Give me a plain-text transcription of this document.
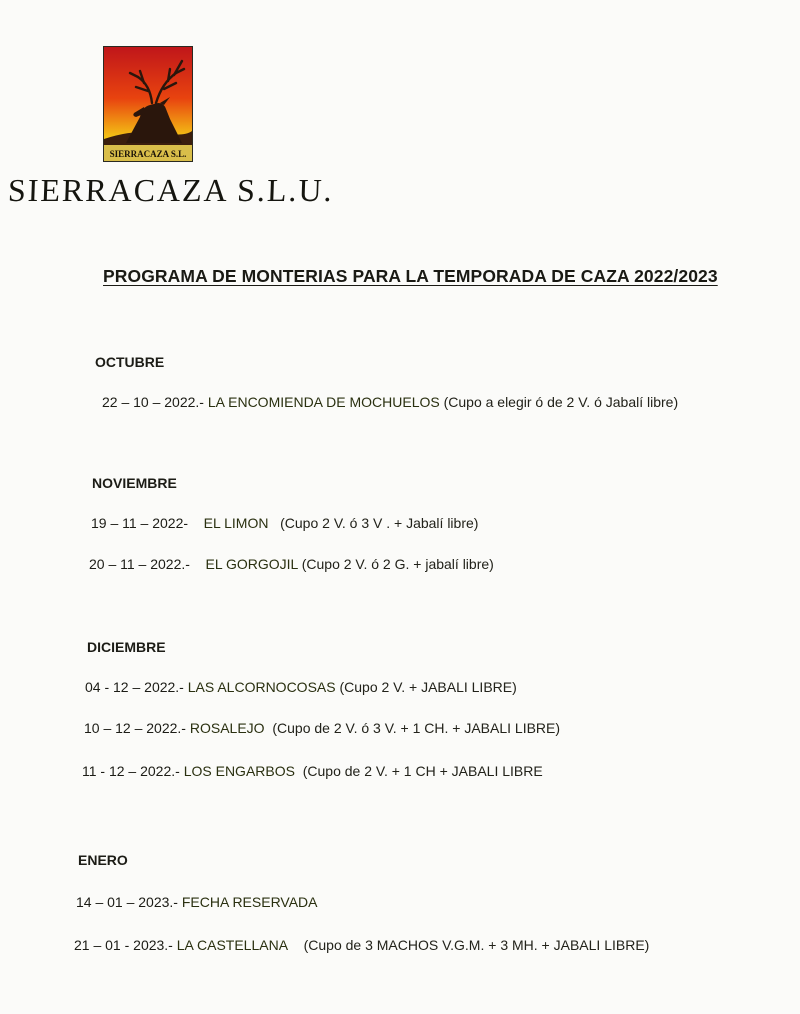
SIERRACAZA S.L.
SIERRACAZA S.L.U.
PROGRAMA DE MONTERIAS PARA LA TEMPORADA DE CAZA 2022/2023
OCTUBRE
22 – 10 – 2022.- LA ENCOMIENDA DE MOCHUELOS (Cupo a elegir ó de 2 V. ó Jabalí libre)
NOVIEMBRE
19 – 11 – 2022- EL LIMON (Cupo 2 V. ó 3 V . + Jabalí libre)
20 – 11 – 2022.- EL GORGOJIL (Cupo 2 V. ó 2 G. + jabalí libre)
DICIEMBRE
04 - 12 – 2022.- LAS ALCORNOCOSAS (Cupo 2 V. + JABALI LIBRE)
10 – 12 – 2022.- ROSALEJO (Cupo de 2 V. ó 3 V. + 1 CH. + JABALI LIBRE)
11 - 12 – 2022.- LOS ENGARBOS (Cupo de 2 V. + 1 CH + JABALI LIBRE
ENERO
14 – 01 – 2023.- FECHA RESERVADA
21 – 01 - 2023.- LA CASTELLANA (Cupo de 3 MACHOS V.G.M. + 3 MH. + JABALI LIBRE)
